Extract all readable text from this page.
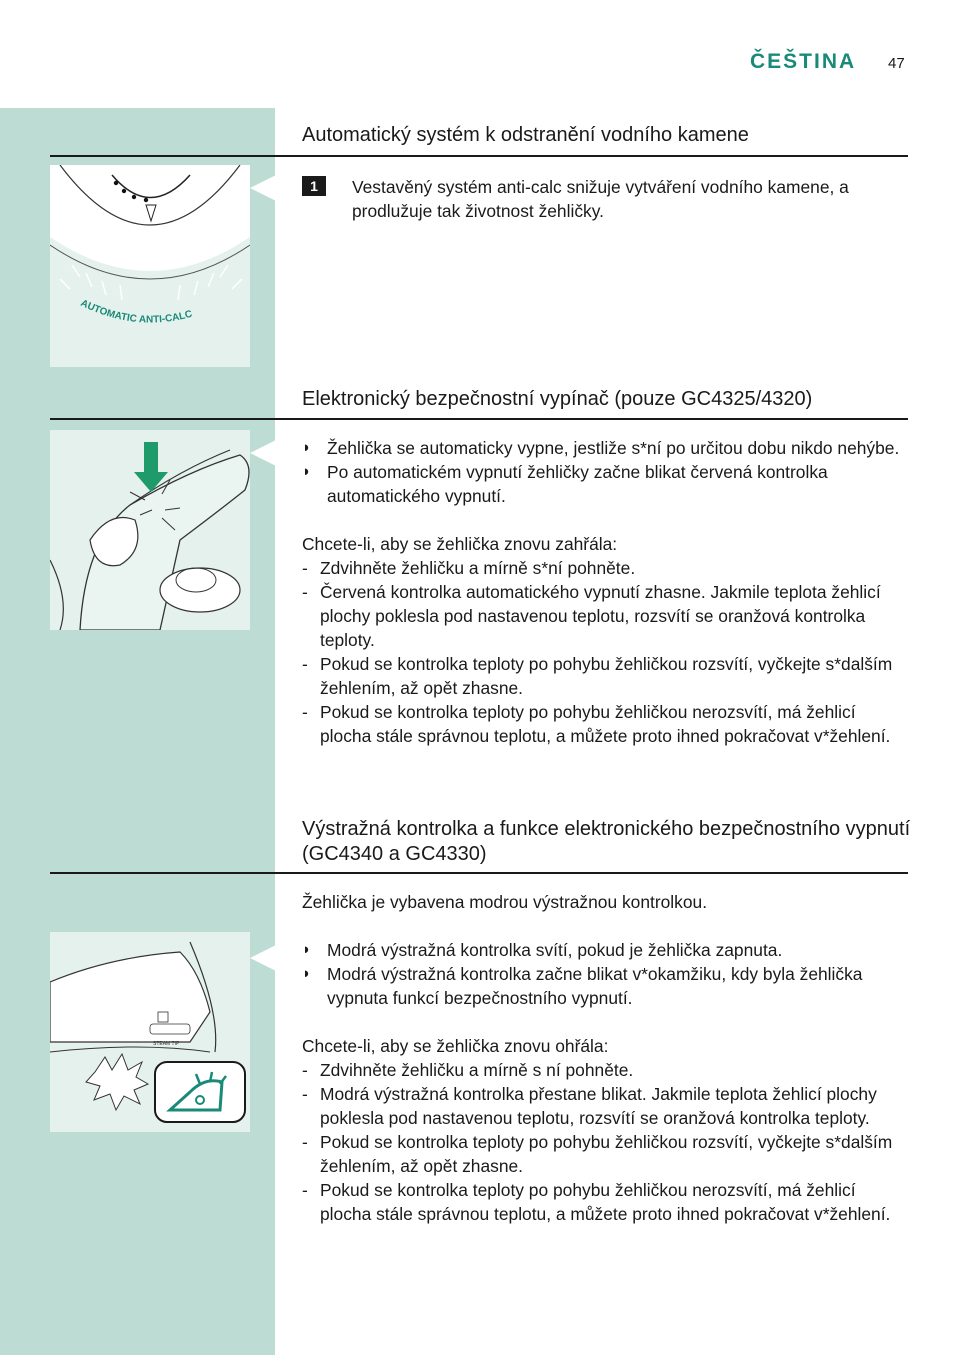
ČEŠTINA 47
Automatický systém k odstranění vodního kamene
AUTOMATIC ANTI-CALC
1	Vestavěný systém anti-calc snižuje vytváření vodního kamene, a prodlužuje tak životnost žehličky.
Elektronický bezpečnostní vypínač (pouze GC4325/4320)
◗ Žehlička se automaticky vypne, jestliže s*ní po určitou dobu nikdo nehýbe.
◗ Po automatickém vypnutí žehličky začne blikat červená kontrolka automatického vypnutí.
Chcete-li, aby se žehlička znovu zahřála:
- Zdvihněte žehličku a mírně s*ní pohněte.
- Červená kontrolka automatického vypnutí zhasne. Jakmile teplota žehlicí plochy poklesla pod nastavenou teplotu, rozsvítí se oranžová kontrolka teploty.
- Pokud se kontrolka teploty po pohybu žehličkou rozsvítí, vyčkejte s*dalším žehlením, až opět zhasne.
- Pokud se kontrolka teploty po pohybu žehličkou nerozsvítí, má žehlicí plocha stále správnou teplotu, a můžete proto ihned pokračovat v*žehlení.
Výstražná kontrolka a funkce elektronického bezpečnostního vypnutí (GC4340 a GC4330)
STEAM TIP
Žehlička je vybavena modrou výstražnou kontrolkou.
◗ Modrá výstražná kontrolka svítí, pokud je žehlička zapnuta.
◗ Modrá výstražná kontrolka začne blikat v*okamžiku, kdy byla žehlička vypnuta funkcí bezpečnostního vypnutí.
Chcete-li, aby se žehlička znovu ohřála:
- Zdvihněte žehličku a mírně s ní pohněte.
- Modrá výstražná kontrolka přestane blikat. Jakmile teplota žehlicí plochy poklesla pod nastavenou teplotu, rozsvítí se oranžová kontrolka teploty.
- Pokud se kontrolka teploty po pohybu žehličkou rozsvítí, vyčkejte s*dalším žehlením, až opět zhasne.
- Pokud se kontrolka teploty po pohybu žehličkou nerozsvítí, má žehlicí plocha stále správnou teplotu, a můžete proto ihned pokračovat v*žehlení.
